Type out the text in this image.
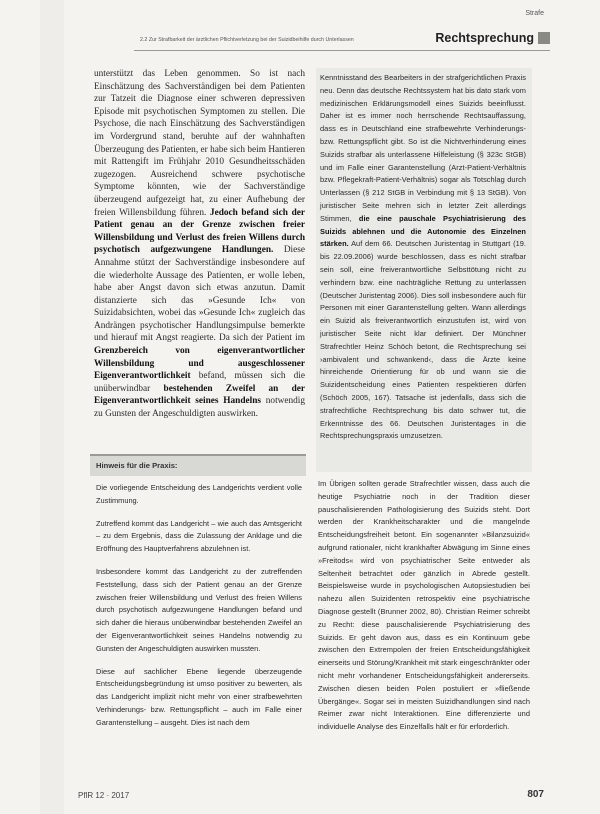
Strafe
2.2 Zur Strafbarkeit der ärztlichen Pflichtverletzung bei der Suizidbeihilfe durch Unterlassen	Rechtsprechung

unterstützt das Leben genommen. So ist nach Einschätzung des Sachverständigen bei dem Patienten zur Tatzeit die Diagnose einer schweren depressiven Episode mit psychotischen Symptomen zu stellen. Die Psychose, die nach Einschätzung des Sachverständigen im Vordergrund stand, beruhte auf der wahnhaften Überzeugung des Patienten, er habe sich beim Hantieren mit Rattengift im Frühjahr 2010 Gesundheitsschäden zugezogen. Ausreichend schwere psychotische Symptome könnten, wie der Sachverständige überzeugend aufgezeigt hat, zu einer Aufhebung der freien Willensbildung führen. Jedoch befand sich der Patient genau an der Grenze zwischen freier Willensbildung und Verlust des freien Willens durch psychotisch aufgezwungene Handlungen. Diese Annahme stützt der Sachverständige insbesondere auf die wiederholte Aussage des Patienten, er wolle leben, habe aber Angst davon sich etwas anzutun. Damit distanzierte sich das »Gesunde Ich« von Suizidabsichten, wobei das »Gesunde Ich« zugleich das Andrängen psychotischer Handlungsimpulse bemerkte und hierauf mit Angst reagierte. Da sich der Patient im Grenzbereich von eigenverantwortlicher Willensbildung und ausgeschlossener Eigenverantwortlichkeit befand, müssen sich die unüberwindbar bestehenden Zweifel an der Eigenverantwortlichkeit seines Handelns notwendig zu Gunsten der Angeschuldigten auswirken.

Hinweis für die Praxis:

Die vorliegende Entscheidung des Landgerichts verdient volle Zustimmung.

Zutreffend kommt das Landgericht – wie auch das Amtsgericht – zu dem Ergebnis, dass die Zulassung der Anklage und die Eröffnung des Hauptverfahrens abzulehnen ist.

Insbesondere kommt das Landgericht zu der zutreffenden Feststellung, dass sich der Patient genau an der Grenze zwischen freier Willensbildung und Verlust des freien Willens durch psychotisch aufgezwungene Handlungen befand und sich daher die hieraus unüberwindbar bestehenden Zweifel an der Eigenverantwortlichkeit seines Handelns notwendig zu Gunsten der Angeschuldigten auswirken mussten.

Diese auf sachlicher Ebene liegende überzeugende Entscheidungsbegründung ist umso positiver zu bewerten, als das Landgericht implizit nicht mehr von einer strafbewehrten Verhinderungs- bzw. Rettungspflicht – auch im Falle einer Garantenstellung – ausgeht. Dies ist nach dem

Kenntnisstand des Bearbeiters in der strafgerichtlichen Praxis neu. Denn das deutsche Rechtssystem hat bis dato stark vom medizinischen Erklärungsmodell eines Suizids beeinflusst. Daher ist es immer noch herrschende Rechtsauffassung, dass es in Deutschland eine strafbewehrte Verhinderungs- bzw. Rettungspflicht gibt. So ist die Nichtverhinderung eines Suizids strafbar als unterlassene Hilfeleistung (§ 323c StGB) und im Falle einer Garantenstellung (Arzt-Patient-Verhältnis bzw. Pflegekraft-Patient-Verhältnis) sogar als Totschlag durch Unterlassen (§ 212 StGB in Verbindung mit § 13 StGB). Von juristischer Seite mehren sich in letzter Zeit allerdings Stimmen, die eine pauschale Psychiatrisierung des Suizids ablehnen und die Autonomie des Einzelnen stärken. Auf dem 66. Deutschen Juristentag in Stuttgart (19. bis 22.09.2006) wurde beschlossen, dass es nicht strafbar sein soll, eine freiverantwortliche Selbsttötung nicht zu verhindern bzw. eine nachträgliche Rettung zu unterlassen (Deutscher Juristentag 2006). Dies soll insbesondere auch für Personen mit einer Garantenstellung gelten. Wann allerdings ein Suizid als freiverantwortlich einzustufen ist, wird von juristischer Seite nicht klar definiert. Der Münchner Strafrechtler Heinz Schöch betont, die Rechtsprechung sei ›ambivalent und schwankend‹, dass die Ärzte keine hinreichende Orientierung für ob und wann sie die Suizidentscheidung eines Patienten respektieren dürfen (Schöch 2005, 167). Tatsache ist jedenfalls, dass sich die strafrechtliche Rechtsprechung bis dato schwer tut, die Erkenntnisse des 66. Deutschen Juristentages in die Rechtsprechungspraxis umzusetzen.

Im Übrigen sollten gerade Strafrechtler wissen, dass auch die heutige Psychiatrie noch in der Tradition dieser pauschalisierenden Pathologisierung des Suizids steht. Dort werden der Krankheitscharakter und die mangelnde Entscheidungsfreiheit betont. Ein sogenannter »Bilanzsuizid« aufgrund rationaler, nicht krankhafter Abwägung im Sinne eines »Freitods« wird von psychiatrischer Seite entweder als Seltenheit betrachtet oder gänzlich in Abrede gestellt. Beispielsweise wurde in psychologischen Autopsiestudien bei nahezu allen Suizidenten retrospektiv eine psychiatrische Diagnose gestellt (Brunner 2002, 80). Christian Reimer schreibt zu Recht: diese pauschalisierende Psychiatrisierung des Suizids. Er geht davon aus, dass es ein Kontinuum gebe zwischen den Extrempolen der freien Entscheidungsfähigkeit einerseits und Störung/Krankheit mit stark eingeschränkter oder nicht mehr vorhandener Entscheidungsfähigkeit andererseits. Zwischen diesen beiden Polen postuliert er »fließende Übergänge«. Sogar sei in meisten Suizidhandlungen sind nach Reimer zwar nicht Interaktionen. Eine differenzierte und individuelle Analyse des Einzelfalls hält er für erforderlich.

PflR 12 · 2017	807
